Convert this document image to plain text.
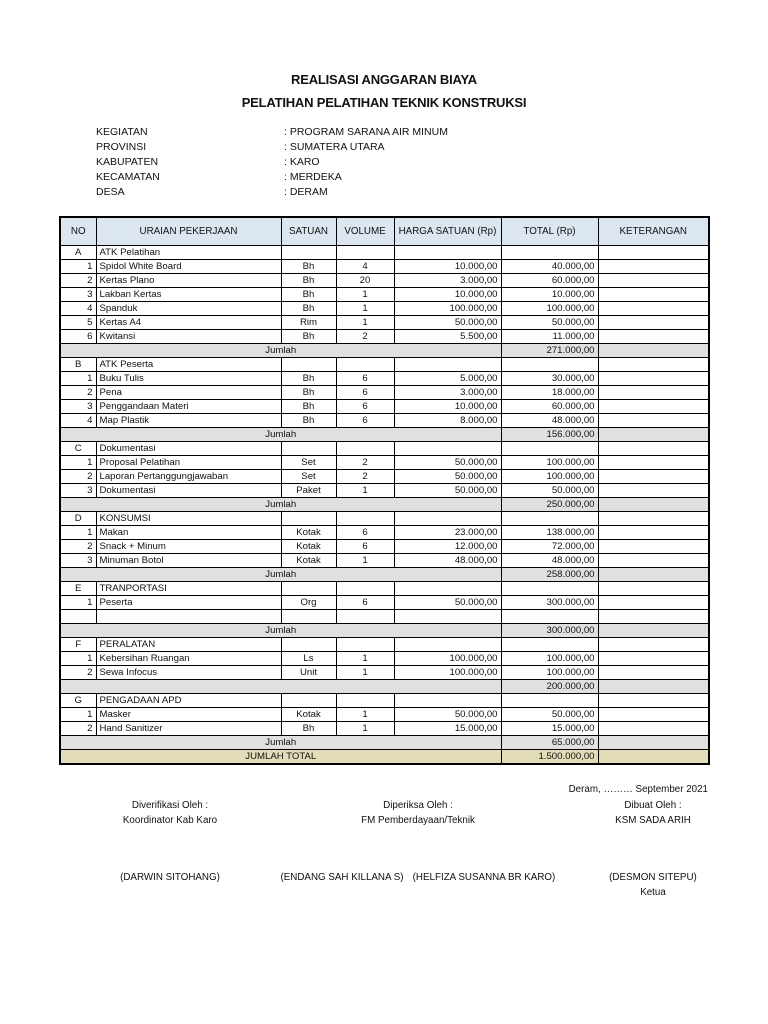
REALISASI ANGGARAN BIAYA
PELATIHAN PELATIHAN TEKNIK KONSTRUKSI
KEGIATAN	: PROGRAM SARANA AIR MINUM
PROVINSI	: SUMATERA UTARA
KABUPATEN	: KARO
KECAMATAN	: MERDEKA
DESA	: DERAM
NO	URAIAN PEKERJAAN	SATUAN	VOLUME	HARGA SATUAN (Rp)	TOTAL (Rp)	KETERANGAN
A	ATK Pelatihan					
1	Spidol White Board	Bh	4	10.000,00	40.000,00	
2	Kertas Plano	Bh	20	3.000,00	60.000,00	
3	Lakban Kertas	Bh	1	10.000,00	10.000,00	
4	Spanduk	Bh	1	100.000,00	100.000,00	
5	Kertas A4	Rim	1	50.000,00	50.000,00	
6	Kwitansi	Bh	2	5.500,00	11.000,00	
Jumlah					271.000,00	
B	ATK Peserta					
1	Buku Tulis	Bh	6	5.000,00	30.000,00	
2	Pena	Bh	6	3.000,00	18.000,00	
3	Penggandaan Materi	Bh	6	10.000,00	60.000,00	
4	Map Plastik	Bh	6	8.000,00	48.000,00	
Jumlah					156.000,00	
C	Dokumentasi					
1	Proposal Pelatihan	Set	2	50.000,00	100.000,00	
2	Laporan Pertanggungjawaban	Set	2	50.000,00	100.000,00	
3	Dokumentasi	Paket	1	50.000,00	50.000,00	
Jumlah					250.000,00	
D	KONSUMSI					
1	Makan	Kotak	6	23.000,00	138.000,00	
2	Snack + Minum	Kotak	6	12.000,00	72.000,00	
3	Minuman Botol	Kotak	1	48.000,00	48.000,00	
Jumlah					258.000,00	
E	TRANPORTASI					
1	Peserta	Org	6	50.000,00	300.000,00	

Jumlah					300.000,00	
F	PERALATAN					
1	Kebersihan Ruangan	Ls	1	100.000,00	100.000,00	
2	Sewa Infocus	Unit	1	100.000,00	100.000,00	
					200.000,00	
G	PENGADAAN APD					
1	Masker	Kotak	1	50.000,00	50.000,00	
2	Hand Sanitizer	Bh	1	15.000,00	15.000,00	
Jumlah					65.000,00	
JUMLAH TOTAL					1.500.000,00	
Deram, ……… September 2021
Diverifikasi Oleh :
Koordinator Kab Karo
Diperiksa Oleh :
FM Pemberdayaan/Teknik
Dibuat Oleh :
KSM SADA ARIH
(DARWIN SITOHANG)	(ENDANG SAH KILLANA S) (HELFIZA SUSANNA BR KARO)	(DESMON SITEPU)
Ketua
